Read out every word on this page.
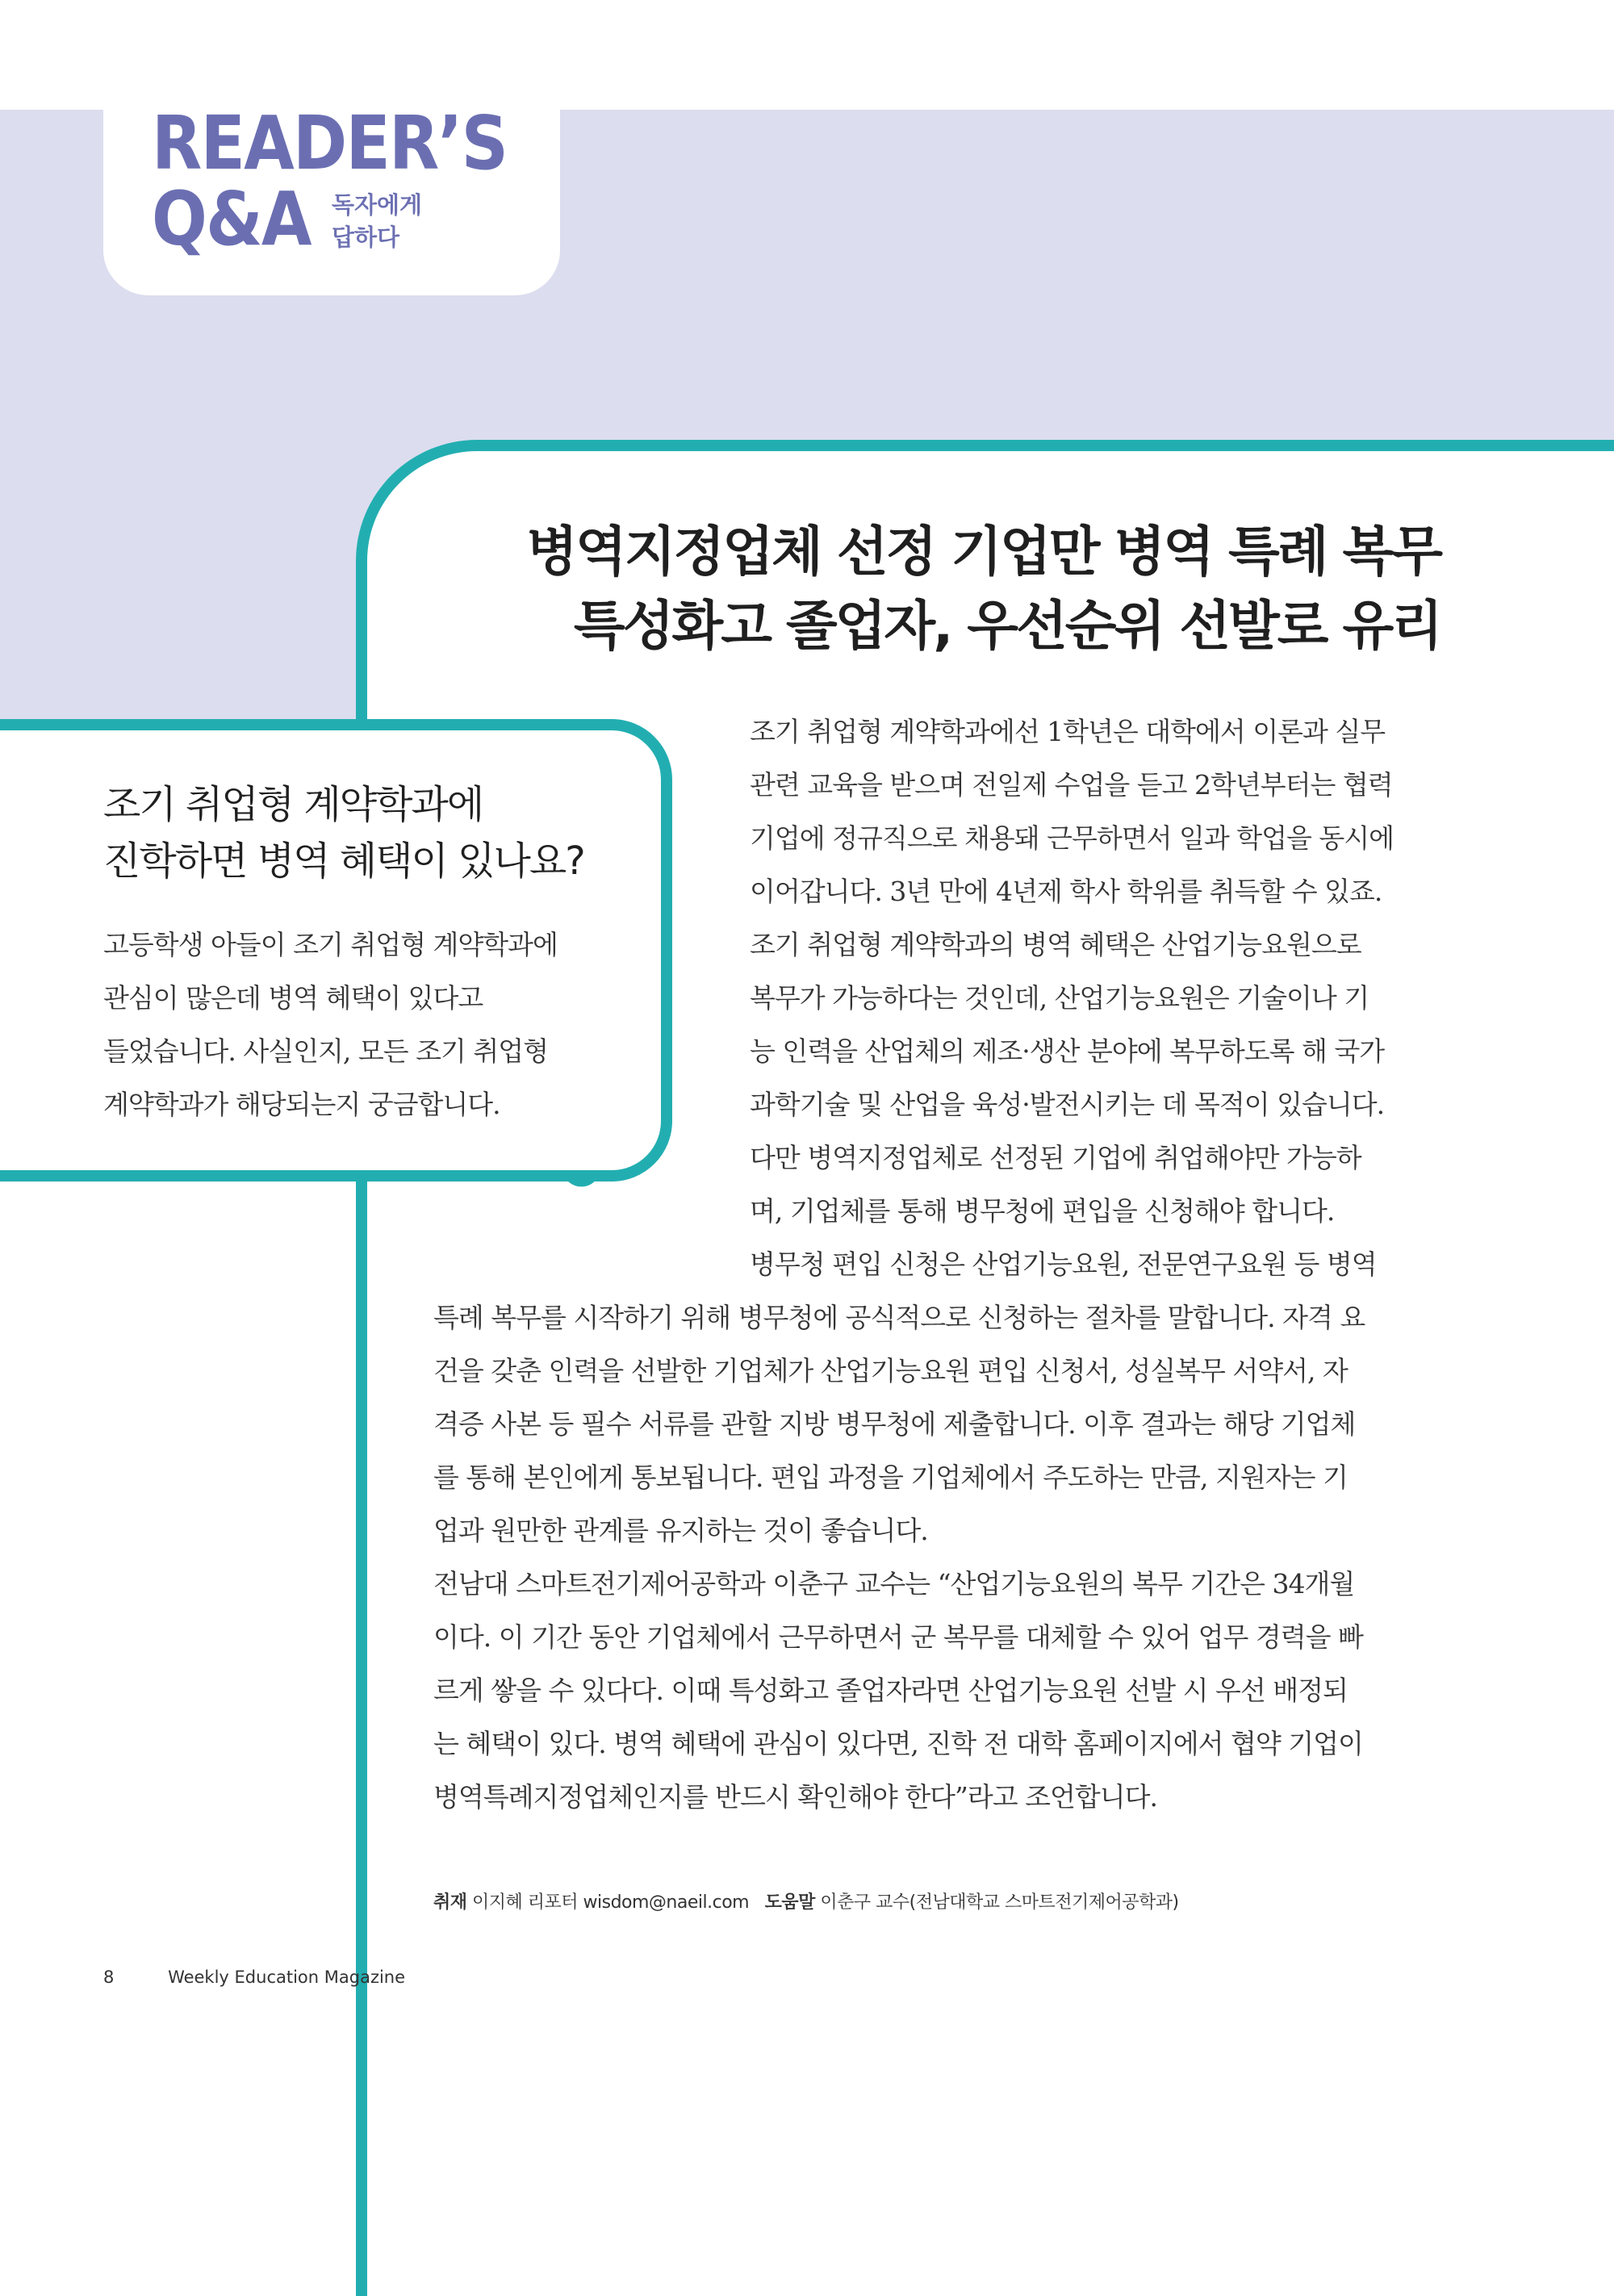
READER’S
Q&A 독자에게
답하다
병역지정업체 선정 기업만 병역 특례 복무
특성화고 졸업자, 우선순위 선발로 유리
조기 취업형 계약학과에
진학하면 병역 혜택이 있나요?
고등학생 아들이 조기 취업형 계약학과에
관심이 많은데 병역 혜택이 있다고
들었습니다. 사실인지, 모든 조기 취업형
계약학과가 해당되는지 궁금합니다.
조기 취업형 계약학과에선 1학년은 대학에서 이론과 실무
관련 교육을 받으며 전일제 수업을 듣고 2학년부터는 협력
기업에 정규직으로 채용돼 근무하면서 일과 학업을 동시에
이어갑니다. 3년 만에 4년제 학사 학위를 취득할 수 있죠.
조기 취업형 계약학과의 병역 혜택은 산업기능요원으로
복무가 가능하다는 것인데, 산업기능요원은 기술이나 기
능 인력을 산업체의 제조·생산 분야에 복무하도록 해 국가
과학기술 및 산업을 육성·발전시키는 데 목적이 있습니다.
다만 병역지정업체로 선정된 기업에 취업해야만 가능하
며, 기업체를 통해 병무청에 편입을 신청해야 합니다.
병무청 편입 신청은 산업기능요원, 전문연구요원 등 병역
특례 복무를 시작하기 위해 병무청에 공식적으로 신청하는 절차를 말합니다. 자격 요
건을 갖춘 인력을 선발한 기업체가 산업기능요원 편입 신청서, 성실복무 서약서, 자
격증 사본 등 필수 서류를 관할 지방 병무청에 제출합니다. 이후 결과는 해당 기업체
를 통해 본인에게 통보됩니다. 편입 과정을 기업체에서 주도하는 만큼, 지원자는 기
업과 원만한 관계를 유지하는 것이 좋습니다.
전남대 스마트전기제어공학과 이춘구 교수는 “산업기능요원의 복무 기간은 34개월
이다. 이 기간 동안 기업체에서 근무하면서 군 복무를 대체할 수 있어 업무 경력을 빠
르게 쌓을 수 있다다. 이때 특성화고 졸업자라면 산업기능요원 선발 시 우선 배정되
는 혜택이 있다. 병역 혜택에 관심이 있다면, 진학 전 대학 홈페이지에서 협약 기업이
병역특례지정업체인지를 반드시 확인해야 한다”라고 조언합니다.
취재 이지혜 리포터 wisdom@naeil.com 도움말 이춘구 교수(전남대학교 스마트전기제어공학과)
8	Weekly Education Magazine
